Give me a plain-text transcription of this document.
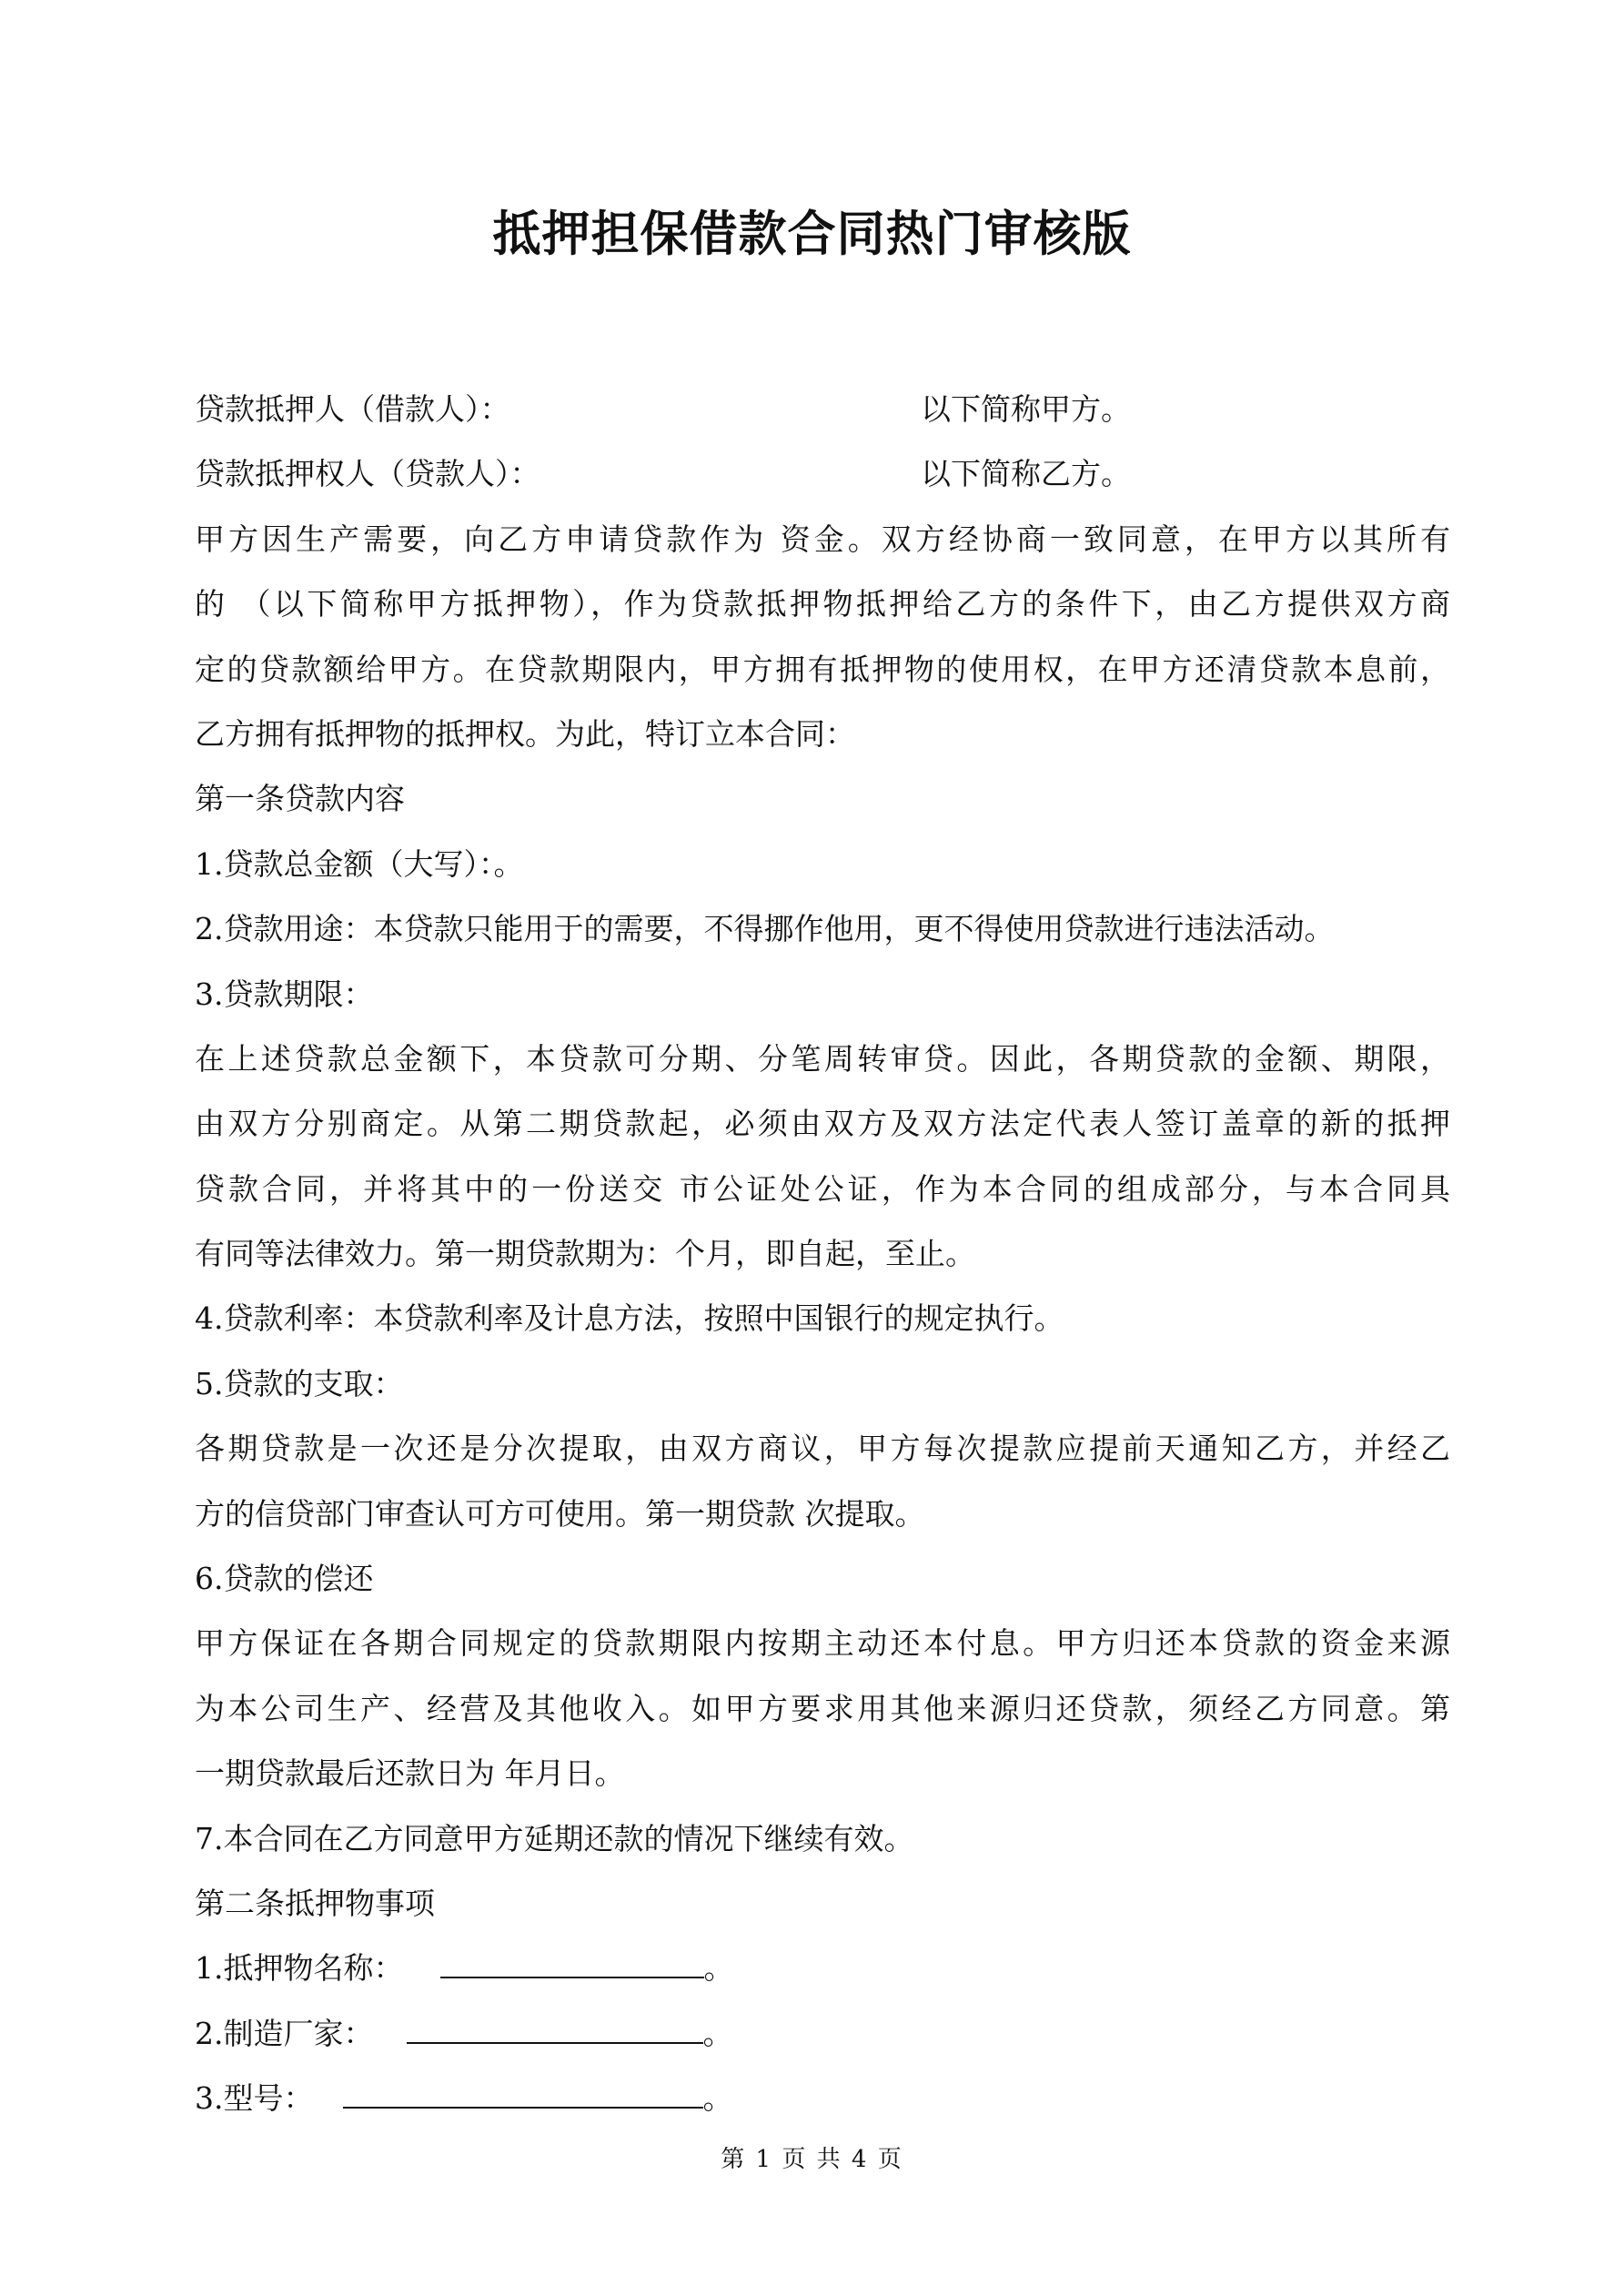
抵押担保借款合同热门审核版
贷款抵押人（借款人）：	以下简称甲方。
贷款抵押权人（贷款人）：	以下简称乙方。
甲方因生产需要，向乙方申请贷款作为 资金。双方经协商一致同意，在甲方以其所有
的 （以下简称甲方抵押物），作为贷款抵押物抵押给乙方的条件下，由乙方提供双方商
定的贷款额给甲方。在贷款期限内，甲方拥有抵押物的使用权，在甲方还清贷款本息前，
乙方拥有抵押物的抵押权。为此，特订立本合同：
第一条贷款内容
1.贷款总金额（大写）：。
2.贷款用途：本贷款只能用于的需要，不得挪作他用，更不得使用贷款进行违法活动。
3.贷款期限：
在上述贷款总金额下，本贷款可分期、分笔周转审贷。因此，各期贷款的金额、期限，
由双方分别商定。从第二期贷款起，必须由双方及双方法定代表人签订盖章的新的抵押
贷款合同，并将其中的一份送交 市公证处公证，作为本合同的组成部分，与本合同具
有同等法律效力。第一期贷款期为：个月，即自起，至止。
4.贷款利率：本贷款利率及计息方法，按照中国银行的规定执行。
5.贷款的支取：
各期贷款是一次还是分次提取，由双方商议，甲方每次提款应提前天通知乙方，并经乙
方的信贷部门审查认可方可使用。第一期贷款 次提取。
6.贷款的偿还
甲方保证在各期合同规定的贷款期限内按期主动还本付息。甲方归还本贷款的资金来源
为本公司生产、经营及其他收入。如甲方要求用其他来源归还贷款，须经乙方同意。第
一期贷款最后还款日为 年月日。
7.本合同在乙方同意甲方延期还款的情况下继续有效。
第二条抵押物事项
1.抵押物名称：	。
2.制造厂家：	。
3.型号：	。
第 1 页 共 4 页
